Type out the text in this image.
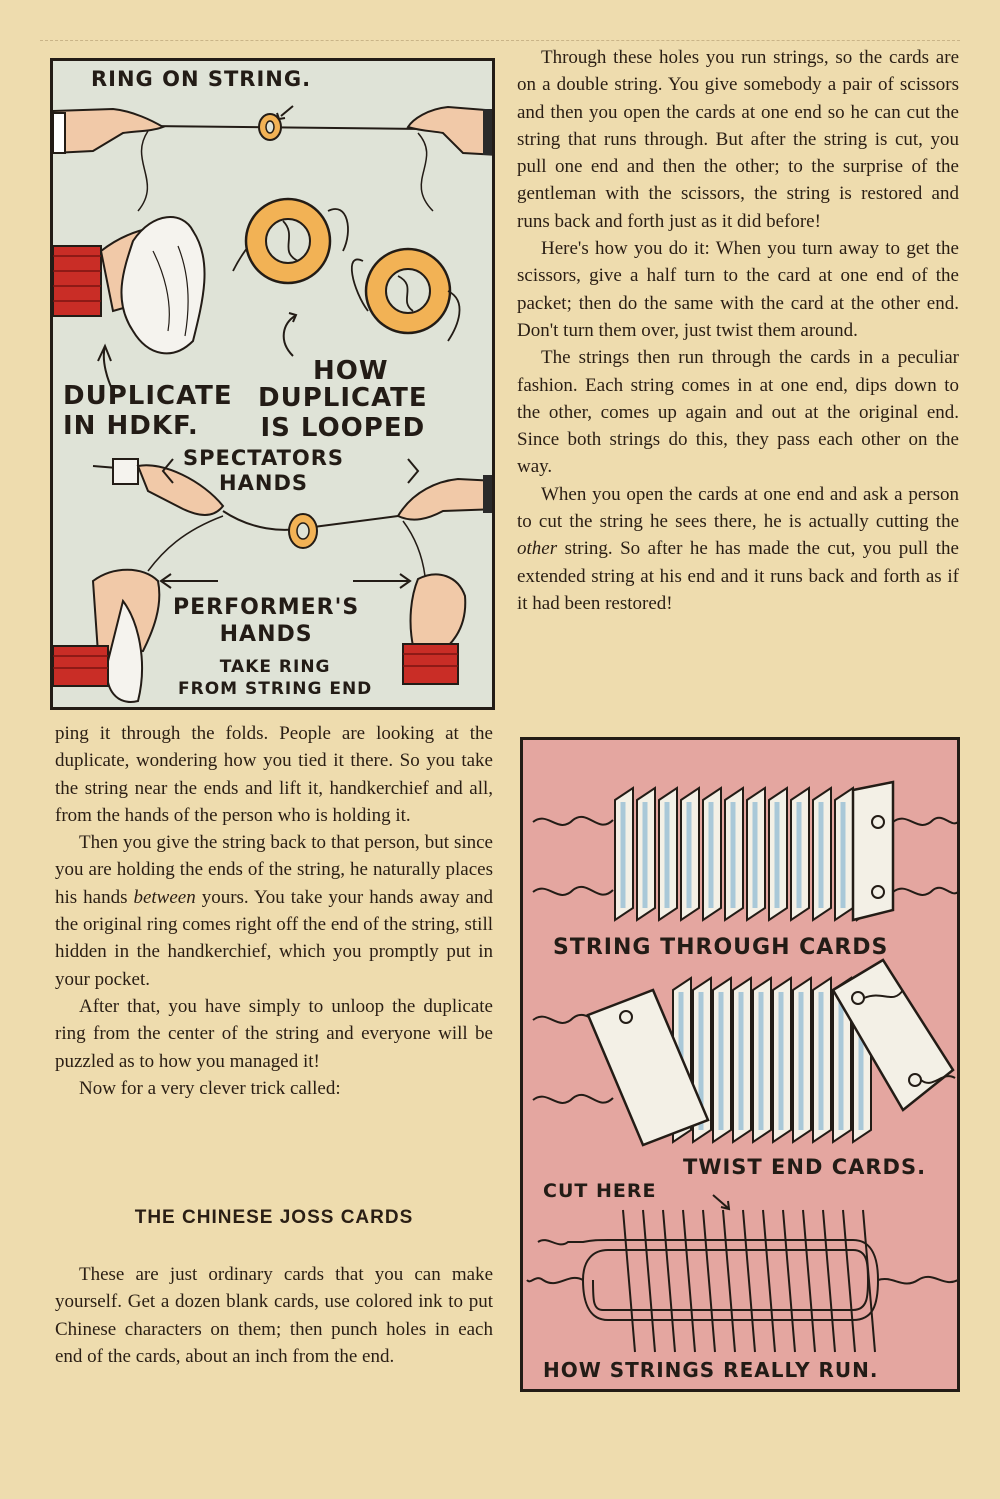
RING ON STRING.
DUPLICATE
IN HDKF.
HOW
DUPLICATE
IS LOOPED
SPECTATORS
HANDS
PERFORMER'S
HANDS
TAKE RING
FROM STRING END

Through these holes you run strings, so the cards are on a double string. You give somebody a pair of scissors and then you open the cards at one end so he can cut the string that runs through. But after the string is cut, you pull one end and then the other; to the surprise of the gentleman with the scissors, the string is restored and runs back and forth just as it did before!

Here's how you do it: When you turn away to get the scissors, give a half turn to the card at one end of the packet; then do the same with the card at the other end. Don't turn them over, just twist them around.

The strings then run through the cards in a peculiar fashion. Each string comes in at one end, dips down to the other, comes up again and out at the original end. Since both strings do this, they pass each other on the way.

When you open the cards at one end and ask a person to cut the string he sees there, he is actually cutting the other string. So after he has made the cut, you pull the extended string at his end and it runs back and forth as if it had been restored!

ping it through the folds. People are looking at the duplicate, wondering how you tied it there. So you take the string near the ends and lift it, handkerchief and all, from the hands of the person who is holding it.

Then you give the string back to that person, but since you are holding the ends of the string, he naturally places his hands between yours. You take your hands away and the original ring comes right off the end of the string, still hidden in the handkerchief, which you promptly put in your pocket.

After that, you have simply to unloop the duplicate ring from the center of the string and everyone will be puzzled as to how you managed it!

Now for a very clever trick called:

THE CHINESE JOSS CARDS

These are just ordinary cards that you can make yourself. Get a dozen blank cards, use colored ink to put Chinese characters on them; then punch holes in each end of the cards, about an inch from the end.

STRING THROUGH CARDS
TWIST END CARDS.
CUT HERE
HOW STRINGS REALLY RUN.
